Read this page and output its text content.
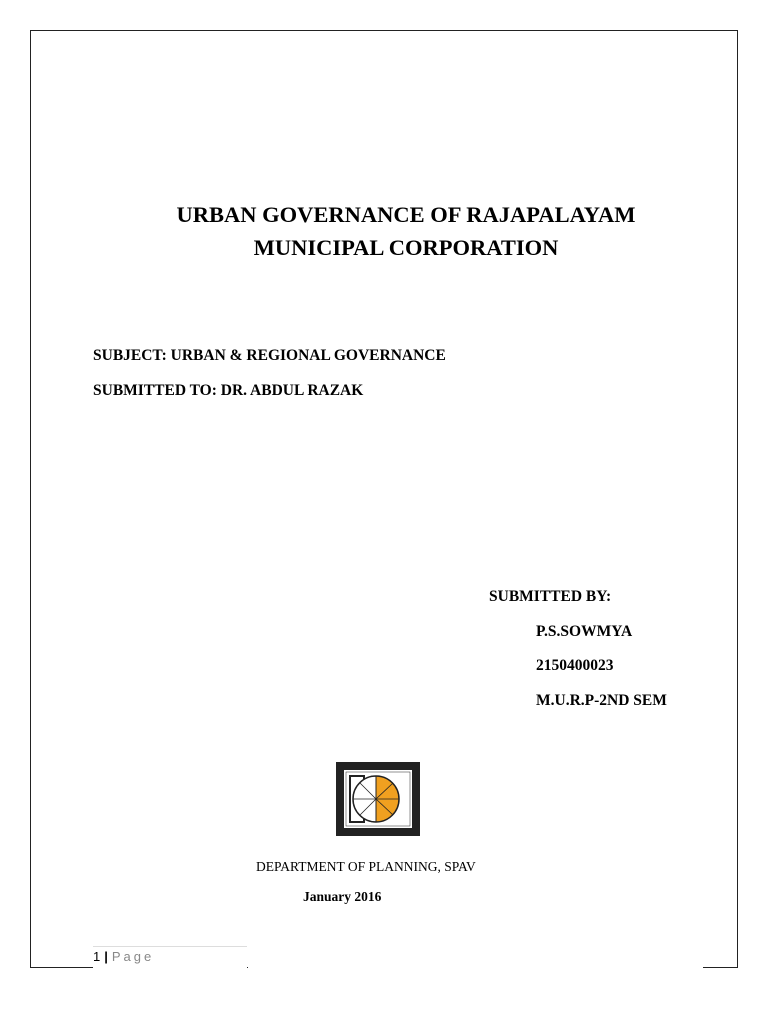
URBAN GOVERNANCE OF RAJAPALAYAM
MUNICIPAL CORPORATION
SUBJECT: URBAN & REGIONAL GOVERNANCE
SUBMITTED TO: DR. ABDUL RAZAK
SUBMITTED BY:
P.S.SOWMYA
2150400023
M.U.R.P-2ND SEM
DEPARTMENT OF PLANNING, SPAV
January 2016
1 | Page
